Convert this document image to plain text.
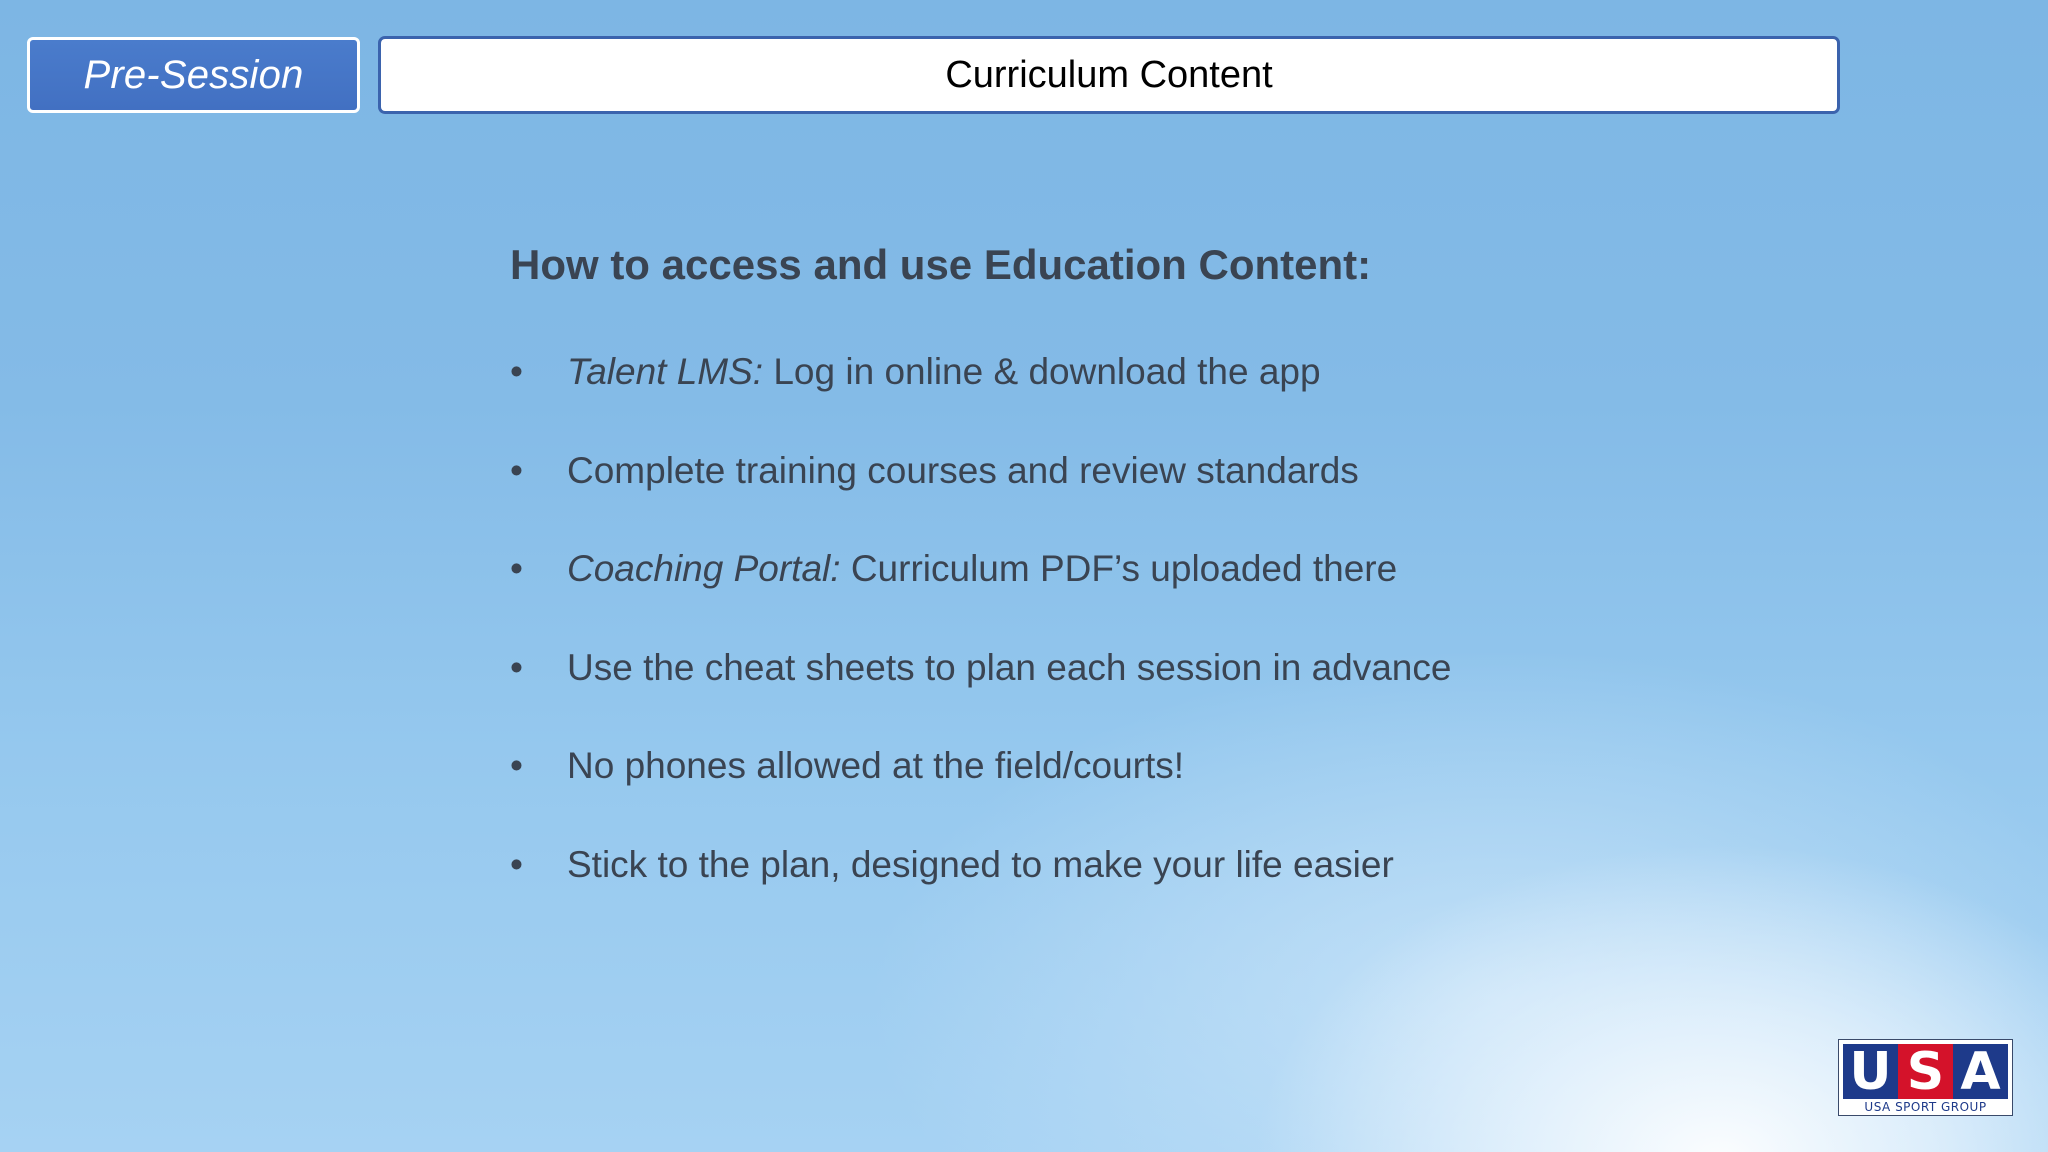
Pre-Session	Curriculum Content
How to access and use Education Content:
• Talent LMS: Log in online & download the app
• Complete training courses and review standards
• Coaching Portal: Curriculum PDF’s uploaded there
• Use the cheat sheets to plan each session in advance
• No phones allowed at the field/courts!
• Stick to the plan, designed to make your life easier
U S A
USA SPORT GROUP
